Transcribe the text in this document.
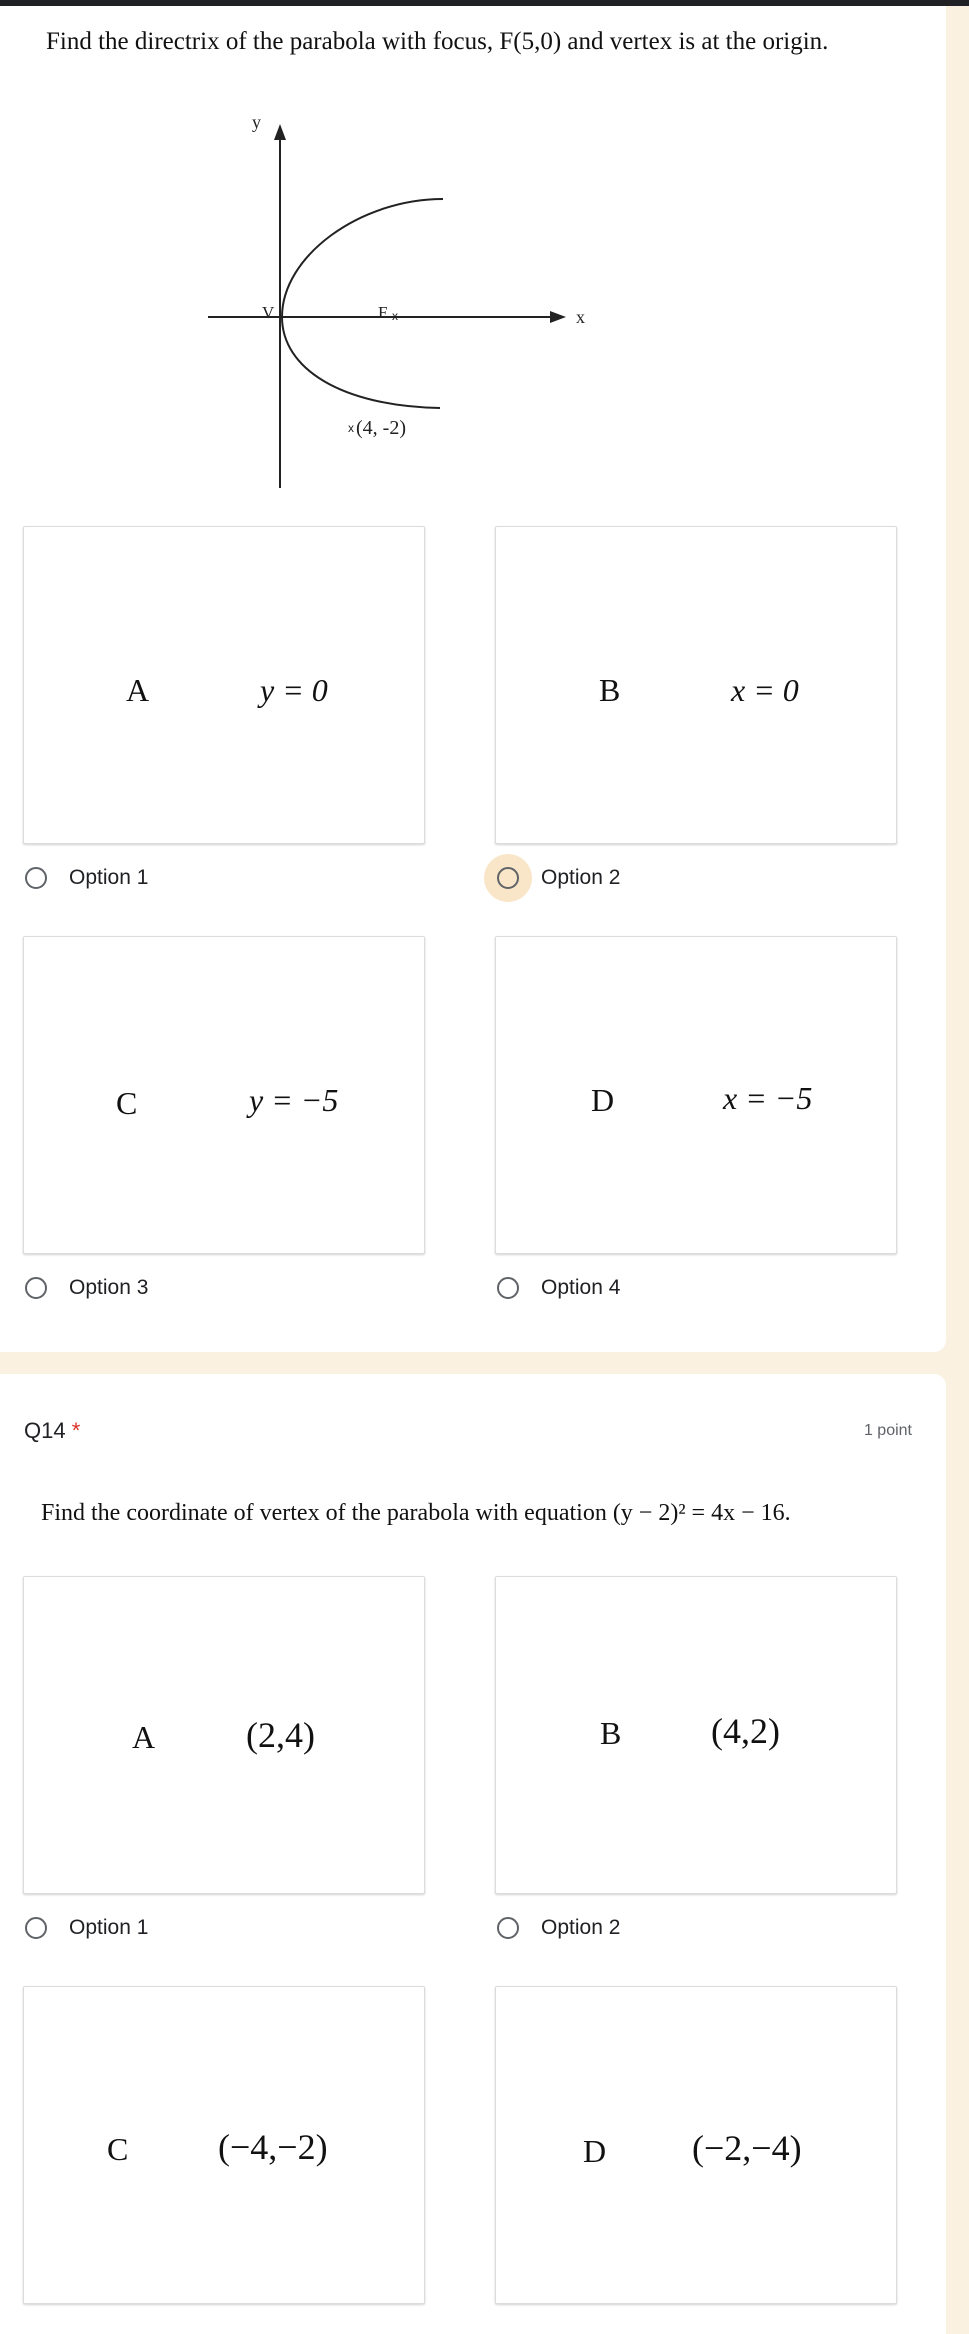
Find the directrix of the parabola with focus, F(5,0) and vertex is at the origin.
y
x
V	F x
x (4, -2)
A	y = 0
Option 1
B	x = 0
Option 2
C	y = −5
Option 3
D	x = −5
Option 4
Q14 *	1 point
Find the coordinate of vertex of the parabola with equation (y − 2)² = 4x − 16.
A	(2,4)
Option 1
B (4,2)
Option 2
C (−4,−2)	D (−2,−4)
